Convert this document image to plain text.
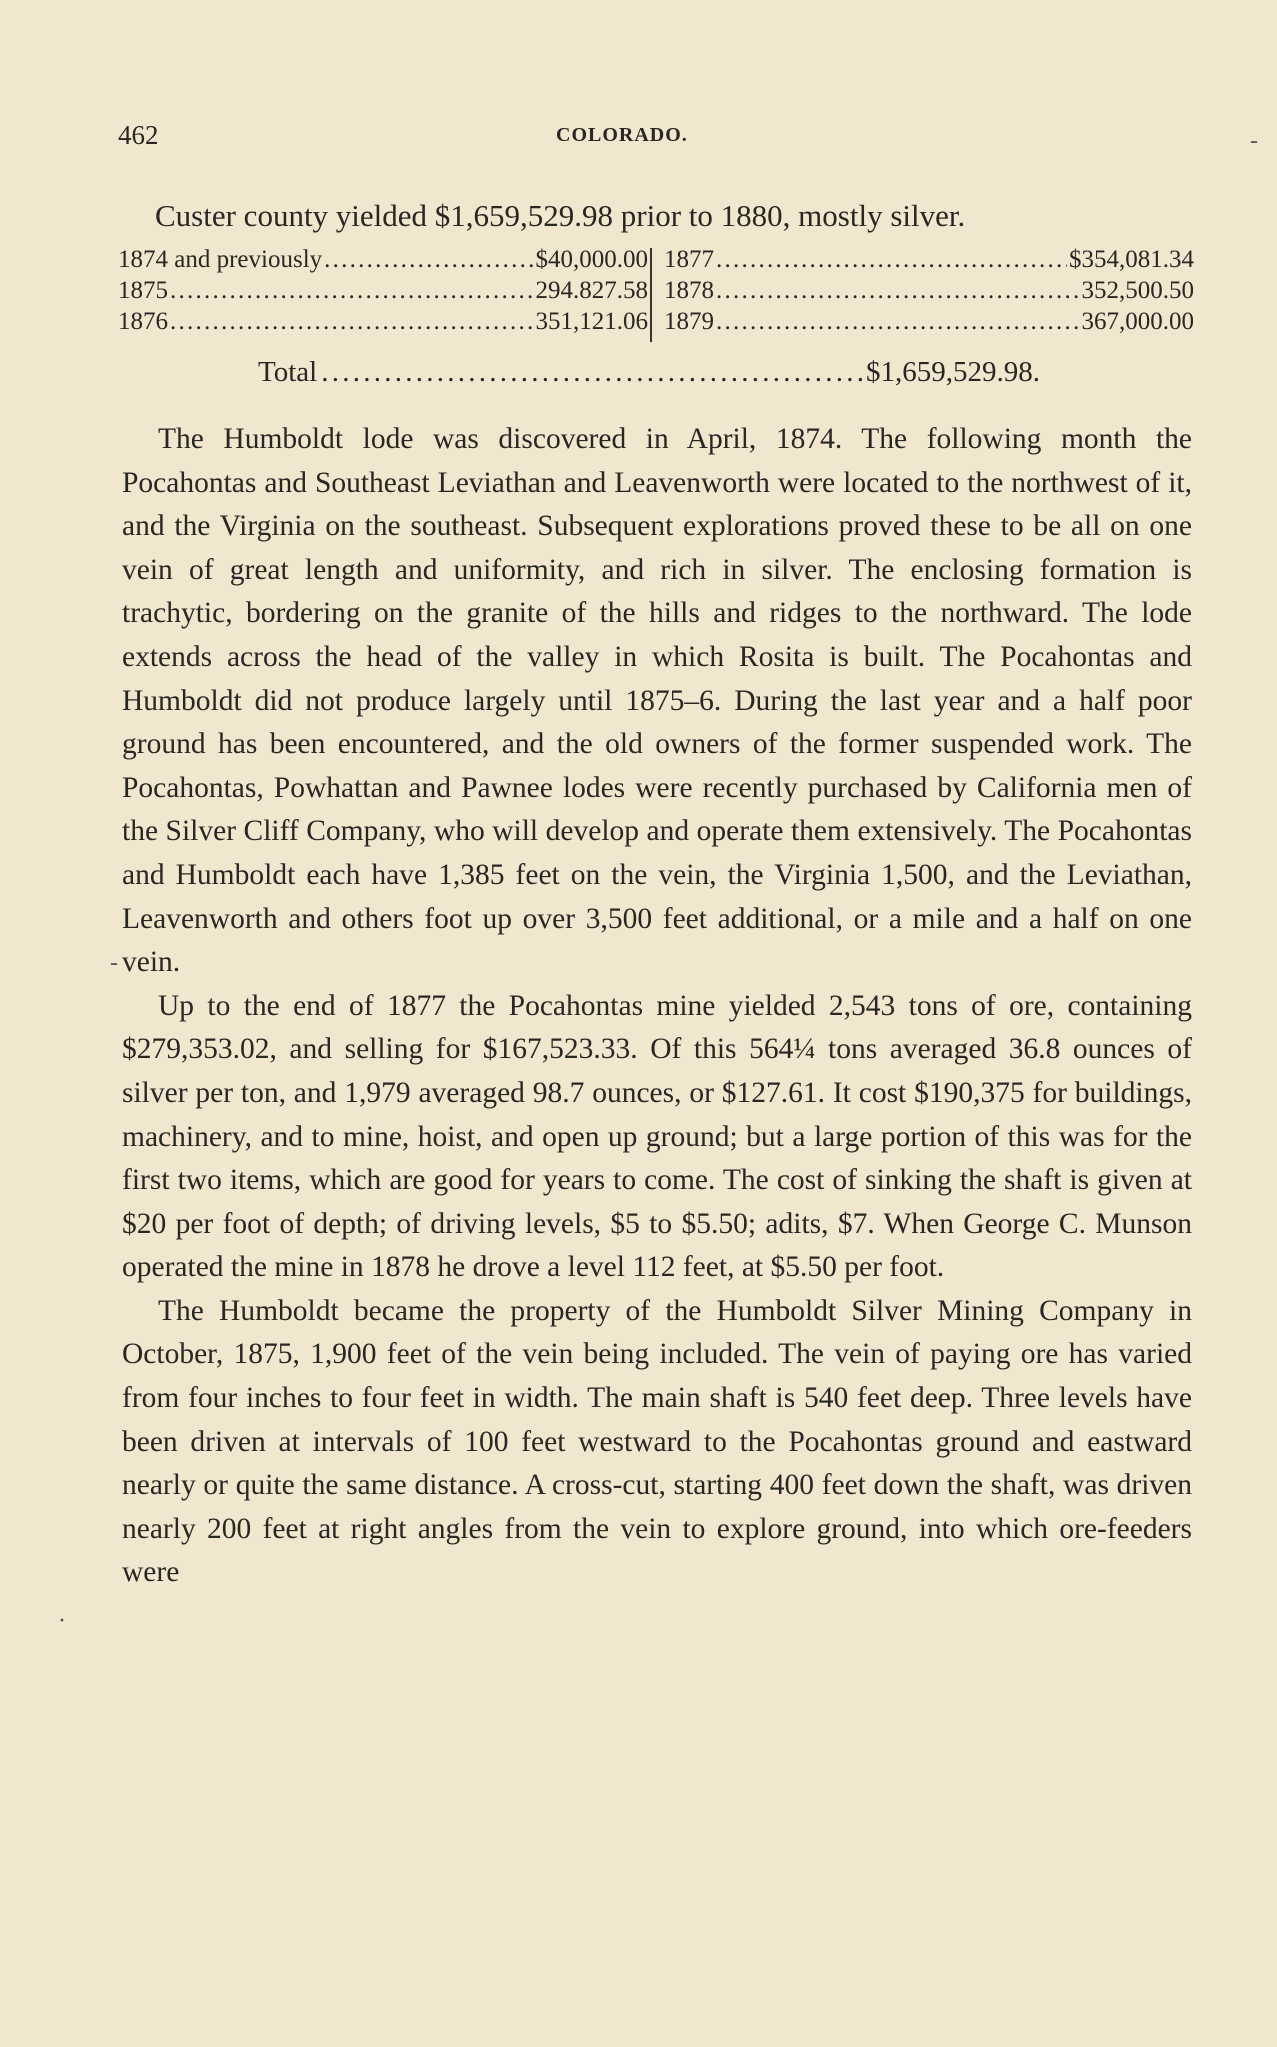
462	COLORADO.
Custer county yielded $1,659,529.98 prior to 1880, mostly silver.
1874 and previously . . .	$40,000.00
1875 . . .	294.827.58
1876 . . .	351,121.06
1877 . . .	$354,081.34
1878 . . .	352,500.50
1879 . . .	367,000.00
Total . . .	$1,659,529.98.

The Humboldt lode was discovered in April, 1874. The following month the Pocahontas and Southeast Leviathan and Leavenworth were located to the northwest of it, and the Virginia on the southeast. Subsequent explorations proved these to be all on one vein of great length and uniformity, and rich in silver. The enclosing formation is trachytic, bordering on the granite of the hills and ridges to the northward. The lode extends across the head of the valley in which Rosita is built. The Pocahontas and Humboldt did not produce largely until 1875–6. During the last year and a half poor ground has been encountered, and the old owners of the former suspended work. The Pocahontas, Powhattan and Pawnee lodes were recently purchased by California men of the Silver Cliff Company, who will develop and operate them extensively. The Pocahontas and Humboldt each have 1,385 feet on the vein, the Virginia 1,500, and the Leviathan, Leavenworth and others foot up over 3,500 feet additional, or a mile and a half on one vein.

Up to the end of 1877 the Pocahontas mine yielded 2,543 tons of ore, containing $279,353.02, and selling for $167,523.33. Of this 564¼ tons averaged 36.8 ounces of silver per ton, and 1,979 averaged 98.7 ounces, or $127.61. It cost $190,375 for buildings, machinery, and to mine, hoist, and open up ground; but a large portion of this was for the first two items, which are good for years to come. The cost of sinking the shaft is given at $20 per foot of depth; of driving levels, $5 to $5.50; adits, $7. When George C. Munson operated the mine in 1878 he drove a level 112 feet, at $5.50 per foot.

The Humboldt became the property of the Humboldt Silver Mining Company in October, 1875, 1,900 feet of the vein being included. The vein of paying ore has varied from four inches to four feet in width. The main shaft is 540 feet deep. Three levels have been driven at intervals of 100 feet westward to the Pocahontas ground and eastward nearly or quite the same distance. A cross-cut, starting 400 feet down the shaft, was driven nearly 200 feet at right angles from the vein to explore ground, into which ore-feeders were

-
-
·
